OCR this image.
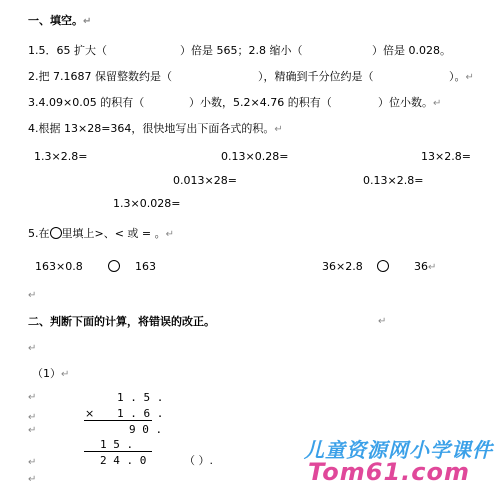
一、填空。↵
1.5．65 扩大（	）倍是 565；2.8 缩小（	）倍是 0.028。
2.把 7.1687 保留整数约是（	），精确到千分位约是（	）。↵
3.4.09×0.05 的积有（	）小数，5.2×4.76 的积有（	）位小数。↵
4.根据 13×28=364，很快地写出下面各式的积。↵
1.3×2.8=	0.13×0.28=	13×2.8=
0.013×28=	0.13×2.8=
1.3×0.028=
5.在 里填上>、< 或 = 。↵
163×0.8	163	36×2.8	36↵
↵
二、判断下面的计算，将错误的改正。	↵
↵
（1）↵
↵	1 . 5 .
↵	× 1 . 6 .
↵	9 0 .
1 5 .
↵	2 4 . 0	（ ）.
↵
儿童资源网小学课件
Tom61.com
